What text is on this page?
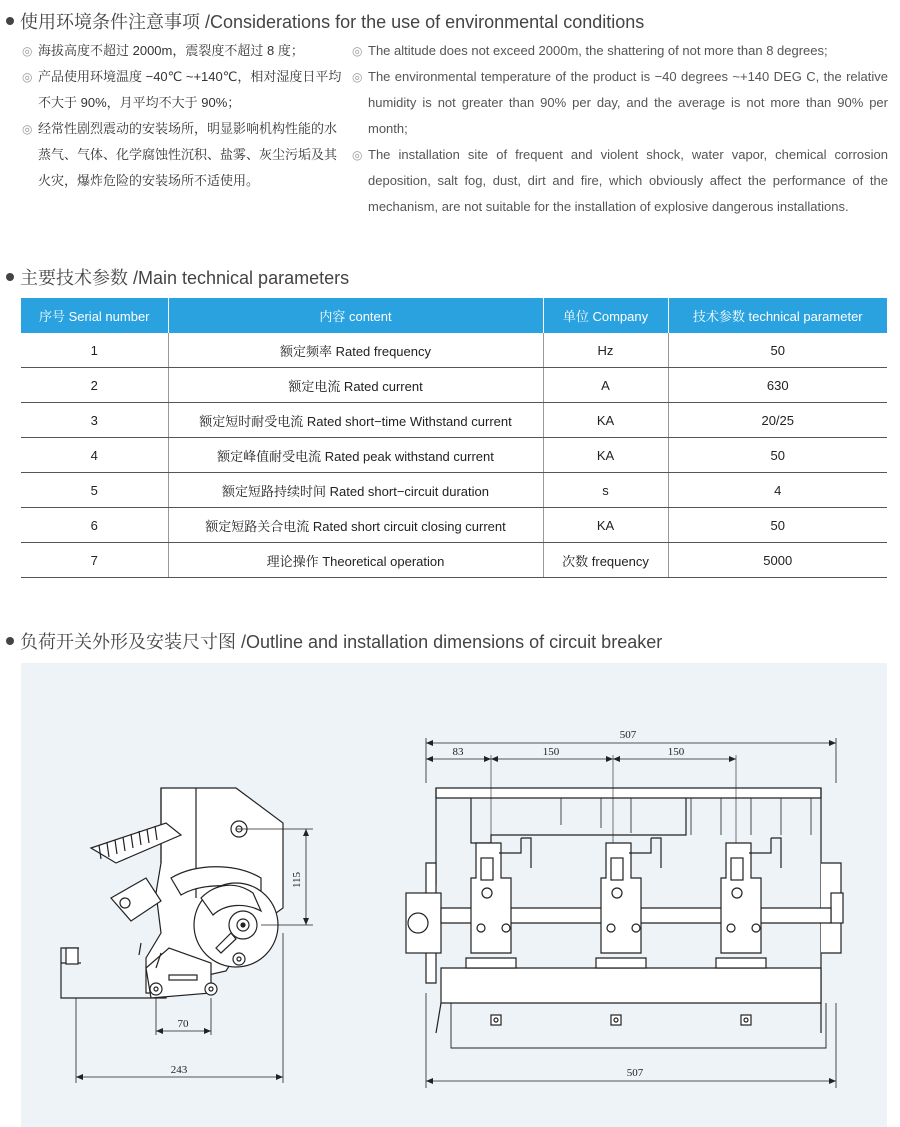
使用环境条件注意事项 /Considerations for the use of environmental conditions
◎ 海拔高度不超过 2000m，震裂度不超过 8 度；
◎ 产品使用环境温度 −40℃ ~+140℃，相对湿度日平均不大于 90%，月平均不大于 90%；
◎ 经常性剧烈震动的安装场所，明显影响机构性能的水蒸气、气体、化学腐蚀性沉积、盐雾、灰尘污垢及其火灾，爆炸危险的安装场所不适使用。
◎ The altitude does not exceed 2000m, the shattering of not more than 8 degrees;
◎ The environmental temperature of the product is −40 degrees ~+140 DEG C, the relative humidity is not greater than 90% per day, and the average is not more than 90% per month;
◎ The installation site of frequent and violent shock, water vapor, chemical corrosion deposition, salt fog, dust, dirt and fire, which obviously affect the performance of the mechanism, are not suitable for the installation of explosive dangerous installations.
主要技术参数 /Main technical parameters
序号 Serial number	内容 content	单位 Company	技术参数 technical parameter
1	额定频率 Rated frequency	Hz	50
2	额定电流 Rated current	A	630
3	额定短时耐受电流 Rated short−time Withstand current	KA	20/25
4	额定峰值耐受电流 Rated peak withstand current	KA	50
5	额定短路持续时间 Rated short−circuit duration	s	4
6	额定短路关合电流 Rated short circuit closing current	KA	50
7	理论操作 Theoretical operation	次数 frequency	5000
负荷开关外形及安装尺寸图 /Outline and installation dimensions of circuit breaker
115
70
243
507
83	150	150
507
